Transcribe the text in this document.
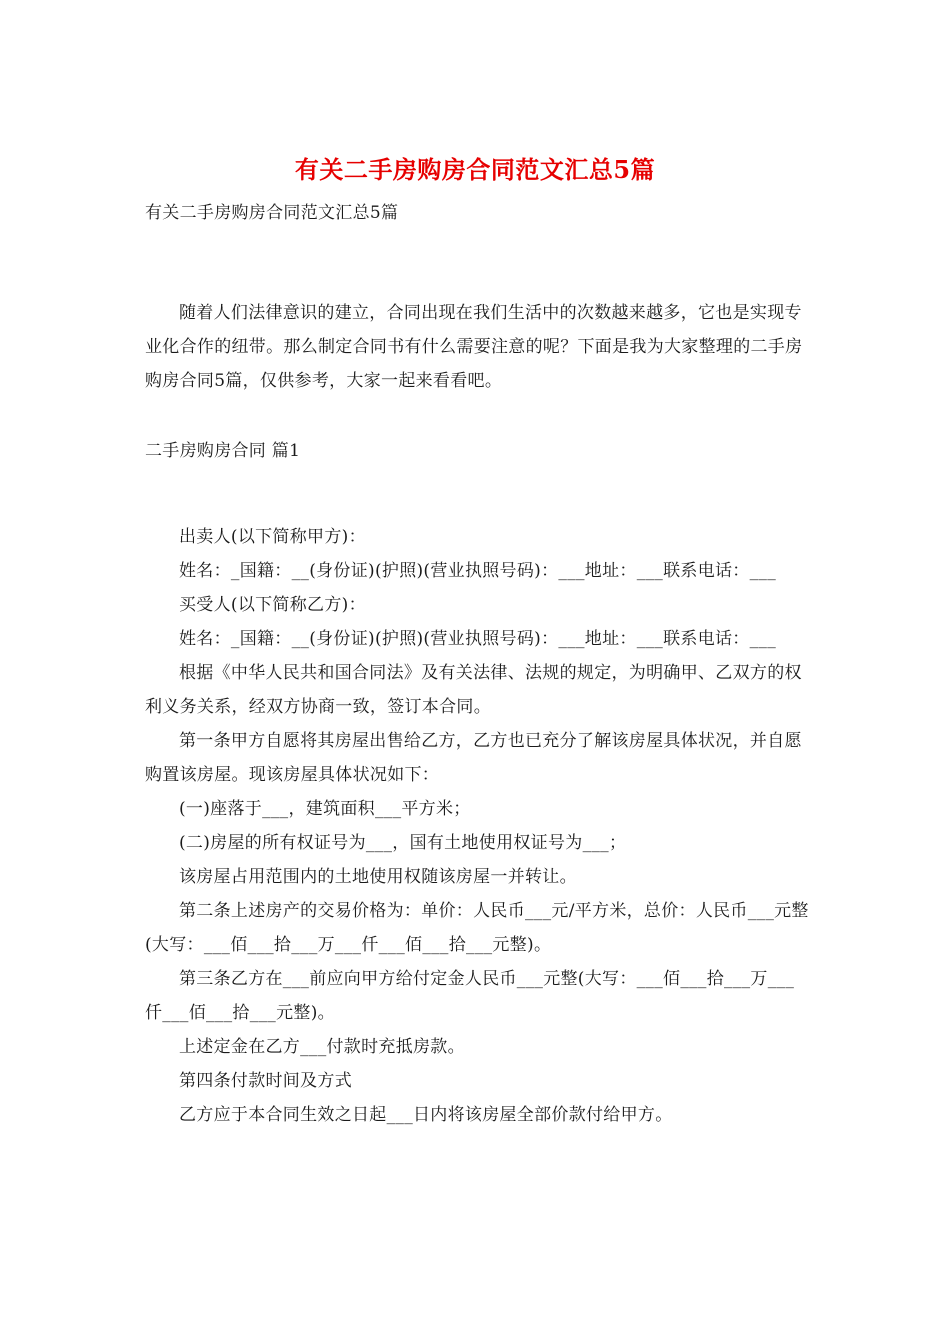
有关二手房购房合同范文汇总5篇
有关二手房购房合同范文汇总5篇

随着人们法律意识的建立，合同出现在我们生活中的次数越来越多，它也是实现专业化合作的纽带。那么制定合同书有什么需要注意的呢？下面是我为大家整理的二手房购房合同5篇，仅供参考，大家一起来看看吧。

二手房购房合同 篇1

出卖人(以下简称甲方)：

姓名：_国籍：__(身份证)(护照)(营业执照号码)：___地址：___联系电话：___

买受人(以下简称乙方)：

姓名：_国籍：__(身份证)(护照)(营业执照号码)：___地址：___联系电话：___

根据《中华人民共和国合同法》及有关法律、法规的规定，为明确甲、乙双方的权利义务关系，经双方协商一致，签订本合同。

第一条甲方自愿将其房屋出售给乙方，乙方也已充分了解该房屋具体状况，并自愿购置该房屋。现该房屋具体状况如下：

(一)座落于___，建筑面积___平方米；

(二)房屋的所有权证号为___，国有土地使用权证号为___；

该房屋占用范围内的土地使用权随该房屋一并转让。

第二条上述房产的交易价格为：单价：人民币___元/平方米，总价：人民币___元整(大写：___佰___拾___万___仟___佰___拾___元整)。

第三条乙方在___前应向甲方给付定金人民币___元整(大写：___佰___拾___万___仟___佰___拾___元整)。

上述定金在乙方___付款时充抵房款。

第四条付款时间及方式

乙方应于本合同生效之日起___日内将该房屋全部价款付给甲方。
